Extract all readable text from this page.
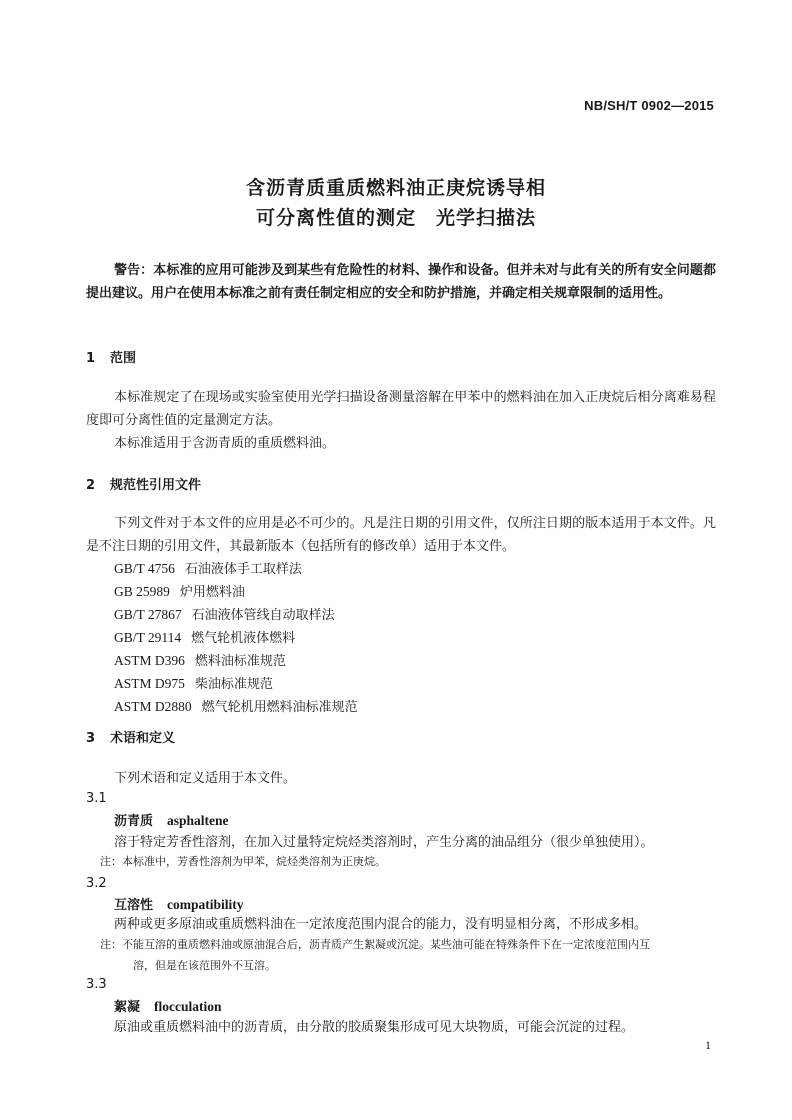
NB/SH/T 0902—2015
含沥青质重质燃料油正庚烷诱导相
可分离性值的测定　光学扫描法
警告：本标准的应用可能涉及到某些有危险性的材料、操作和设备。但并未对与此有关的所有安全问题都提出建议。用户在使用本标准之前有责任制定相应的安全和防护措施，并确定相关规章限制的适用性。
1 范围
本标准规定了在现场或实验室使用光学扫描设备测量溶解在甲苯中的燃料油在加入正庚烷后相分离难易程度即可分离性值的定量测定方法。
本标准适用于含沥青质的重质燃料油。
2 规范性引用文件
下列文件对于本文件的应用是必不可少的。凡是注日期的引用文件，仅所注日期的版本适用于本文件。凡是不注日期的引用文件，其最新版本（包括所有的修改单）适用于本文件。
GB/T 4756 石油液体手工取样法
GB 25989 炉用燃料油
GB/T 27867 石油液体管线自动取样法
GB/T 29114 燃气轮机液体燃料
ASTM D396 燃料油标准规范
ASTM D975 柴油标准规范
ASTM D2880 燃气轮机用燃料油标准规范
3 术语和定义
下列术语和定义适用于本文件。
3.1
沥青质 asphaltene
溶于特定芳香性溶剂，在加入过量特定烷烃类溶剂时，产生分离的油品组分（很少单独使用）。
注：本标准中，芳香性溶剂为甲苯，烷烃类溶剂为正庚烷。
3.2
互溶性 compatibility
两种或更多原油或重质燃料油在一定浓度范围内混合的能力，没有明显相分离，不形成多相。
注：不能互溶的重质燃料油或原油混合后，沥青质产生絮凝或沉淀。某些油可能在特殊条件下在一定浓度范围内互
溶，但是在该范围外不互溶。
3.3
絮凝 flocculation
原油或重质燃料油中的沥青质，由分散的胶质聚集形成可见大块物质，可能会沉淀的过程。
1
